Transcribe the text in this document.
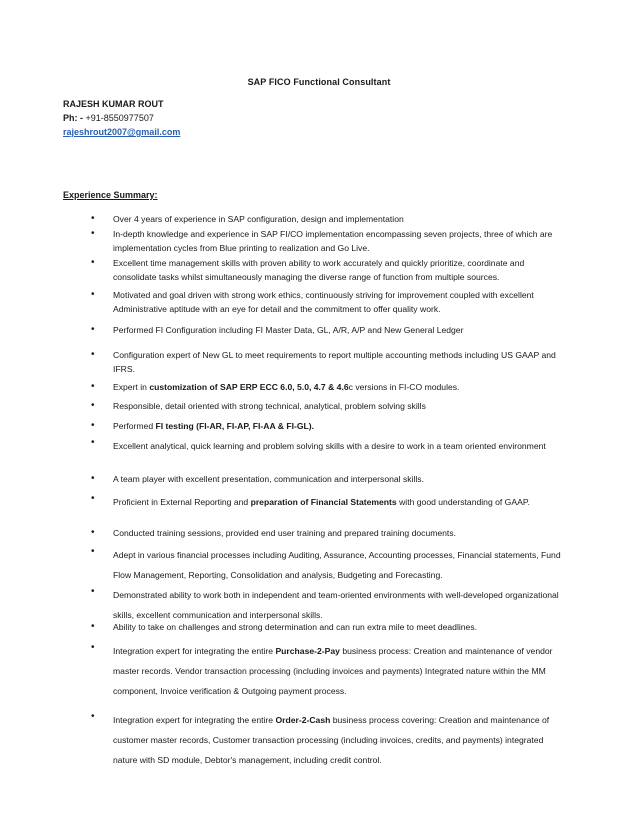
SAP FICO Functional Consultant
RAJESH KUMAR ROUT
Ph: - +91-8550977507
rajeshrout2007@gmail.com
Experience Summary:
• Over 4 years of experience in SAP configuration, design and implementation
• In-depth knowledge and experience in SAP FI/CO implementation encompassing seven projects, three of which are implementation cycles from Blue printing to realization and Go Live.
• Excellent time management skills with proven ability to work accurately and quickly prioritize, coordinate and consolidate tasks whilst simultaneously managing the diverse range of function from multiple sources.
• Motivated and goal driven with strong work ethics, continuously striving for improvement coupled with excellent Administrative aptitude with an eye for detail and the commitment to offer quality work.
• Performed FI Configuration including FI Master Data, GL, A/R, A/P and New General Ledger
• Configuration expert of New GL to meet requirements to report multiple accounting methods including US GAAP and IFRS.
• Expert in customization of SAP ERP ECC 6.0, 5.0, 4.7 & 4.6c versions in FI-CO modules.
• Responsible, detail oriented with strong technical, analytical, problem solving skills
• Performed FI testing (FI-AR, FI-AP, FI-AA & FI-GL).
• Excellent analytical, quick learning and problem solving skills with a desire to work in a team oriented environment
• A team player with excellent presentation, communication and interpersonal skills.
• Proficient in External Reporting and preparation of Financial Statements with good understanding of GAAP.
• Conducted training sessions, provided end user training and prepared training documents.
• Adept in various financial processes including Auditing, Assurance, Accounting processes, Financial statements, Fund Flow Management, Reporting, Consolidation and analysis, Budgeting and Forecasting.
• Demonstrated ability to work both in independent and team-oriented environments with well-developed organizational skills, excellent communication and interpersonal skills.
• Ability to take on challenges and strong determination and can run extra mile to meet deadlines.
• Integration expert for integrating the entire Purchase-2-Pay business process: Creation and maintenance of vendor master records. Vendor transaction processing (including invoices and payments) Integrated nature within the MM component, Invoice verification & Outgoing payment process.
• Integration expert for integrating the entire Order-2-Cash business process covering: Creation and maintenance of customer master records, Customer transaction processing (including invoices, credits, and payments) integrated nature with SD module, Debtor's management, including credit control.
